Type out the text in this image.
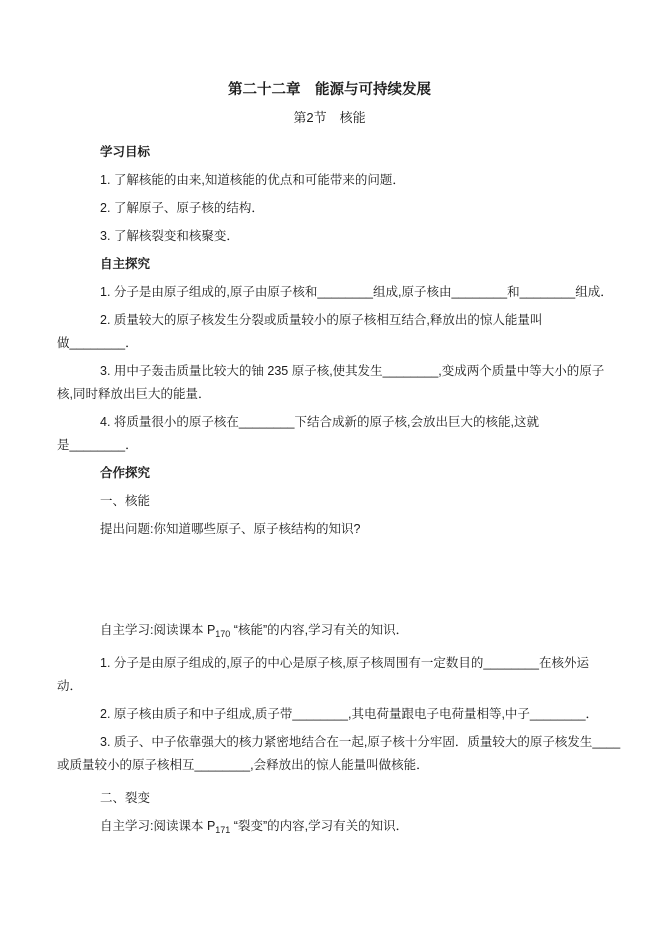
第二十二章　能源与可持续发展
第2节　核能
学习目标
1. 了解核能的由来,知道核能的优点和可能带来的问题．
2. 了解原子、原子核的结构．
3. 了解核裂变和核聚变．
自主探究
1. 分子是由原子组成的,原子由原子核和________组成,原子核由________和________组成．
2. 质量较大的原子核发生分裂或质量较小的原子核相互结合,释放出的惊人能量叫
做________．
3. 用中子轰击质量比较大的铀 235 原子核,使其发生________,变成两个质量中等大小的原子
核,同时释放出巨大的能量．
4. 将质量很小的原子核在________下结合成新的原子核,会放出巨大的核能,这就
是________．
合作探究
一、核能
提出问题:你知道哪些原子、原子核结构的知识?
自主学习:阅读课本 $P_{170}$ “核能”的内容,学习有关的知识．
1. 分子是由原子组成的,原子的中心是原子核,原子核周围有一定数目的________在核外运
动．
2. 原子核由质子和中子组成,质子带________,其电荷量跟电子电荷量相等,中子________．
3. 质子、中子依靠强大的核力紧密地结合在一起,原子核十分牢固．质量较大的原子核发生____
或质量较小的原子核相互________,会释放出的惊人能量叫做核能．
二、裂变
自主学习:阅读课本 $P_{171}$ “裂变”的内容,学习有关的知识．
